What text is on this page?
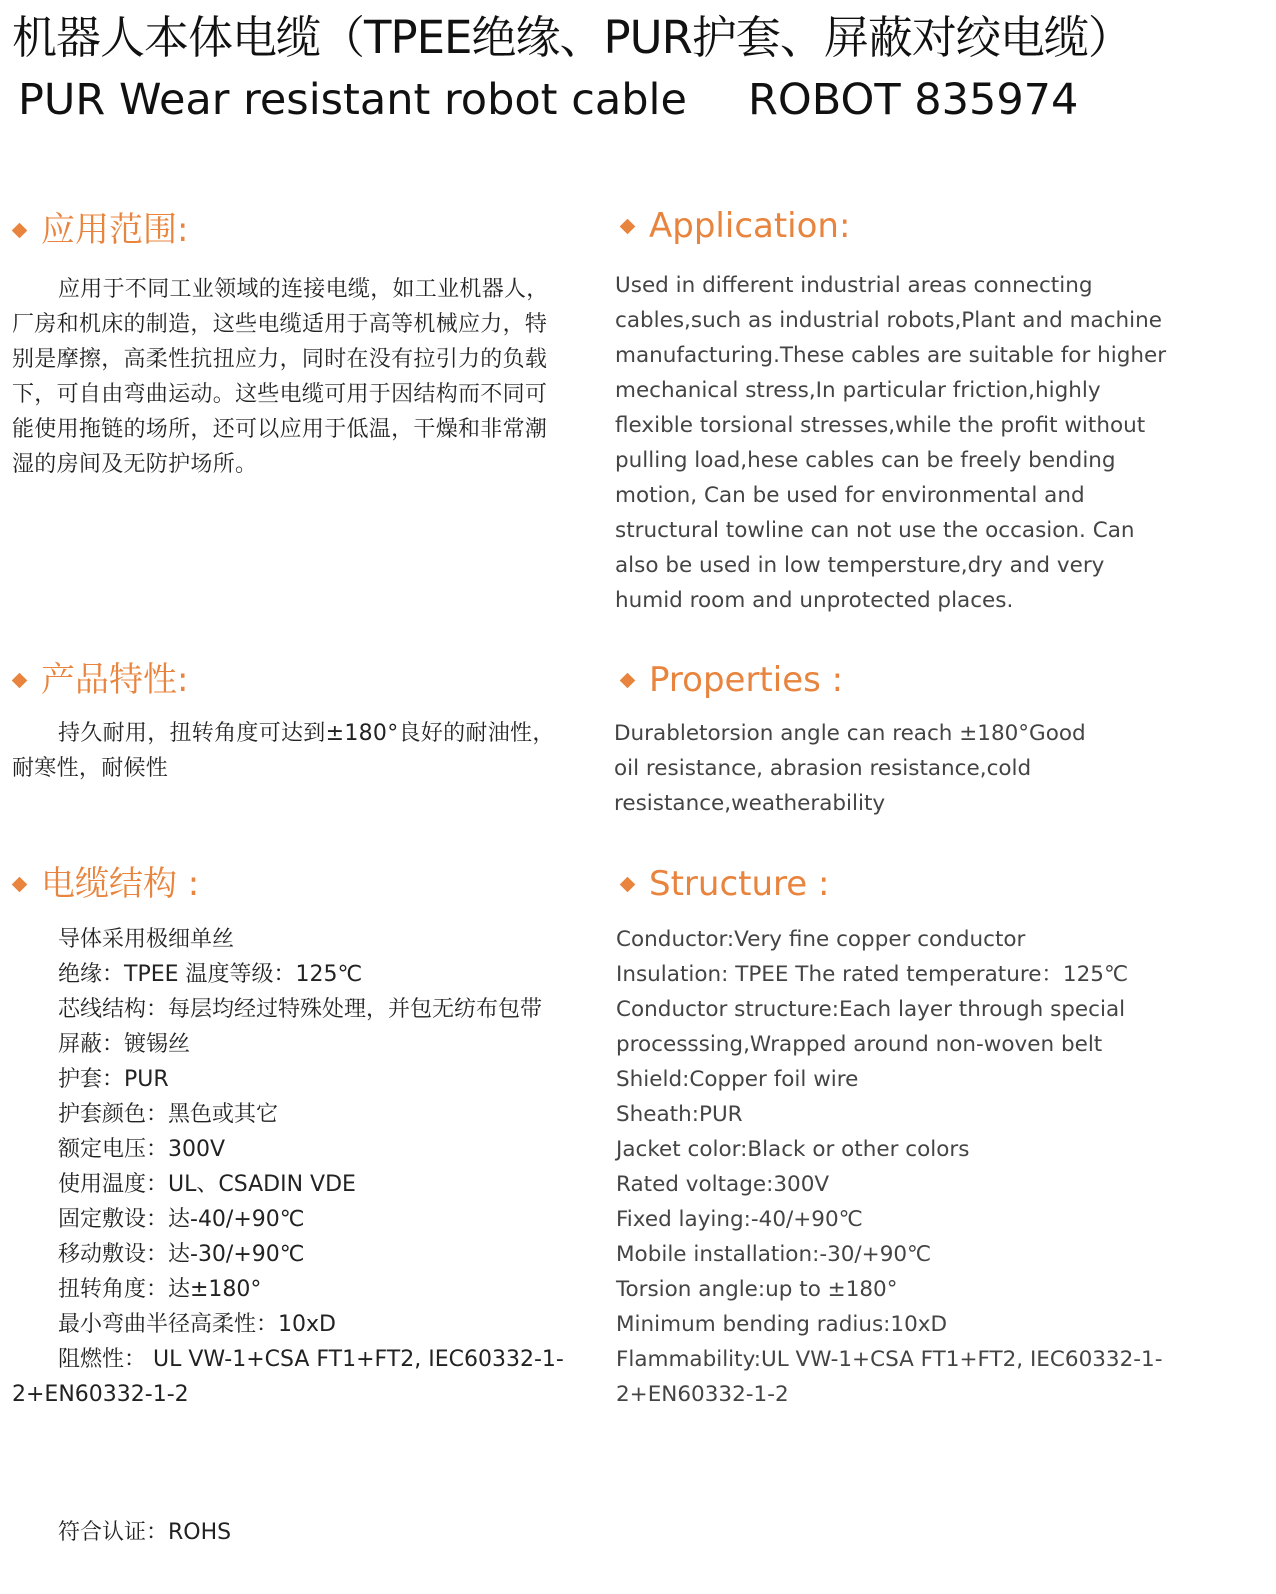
机器人本体电缆（TPEE绝缘、PUR护套、屏蔽对绞电缆）
PUR Wear resistant robot cable ROBOT 835974
应用范围:

应用于不同工业领域的连接电缆，如工业机器人，厂房和机床的制造，这些电缆适用于高等机械应力，特别是摩擦，高柔性抗扭应力，同时在没有拉引力的负载下，可自由弯曲运动。这些电缆可用于因结构而不同可能使用拖链的场所，还可以应用于低温，干燥和非常潮湿的房间及无防护场所。

Application:

Used in different industrial areas connecting cables,such as industrial robots,Plant and machine manufacturing.These cables are suitable for higher mechanical stress,In particular friction,highly flexible torsional stresses,while the profit without pulling load,hese cables can be freely bending motion, Can be used for environmental and structural towline can not use the occasion. Can also be used in low tempersture,dry and very humid room and unprotected places.

产品特性:

持久耐用，扭转角度可达到±180°良好的耐油性，耐寒性，耐候性

Properties :

Durabletorsion angle can reach ±180°Good oil resistance, abrasion resistance,cold resistance,weatherability

电缆结构 :
导体采用极细单丝
绝缘：TPEE 温度等级：125℃
芯线结构：每层均经过特殊处理，并包无纺布包带
屏蔽：镀锡丝
护套：PUR
护套颜色：黑色或其它
额定电压：300V
使用温度：UL、CSADIN VDE
固定敷设：达-40/+90℃
移动敷设：达-30/+90℃
扭转角度：达±180°
最小弯曲半径高柔性：10xD
阻燃性： UL VW-1+CSA FT1+FT2, IEC60332-1-2+EN60332-1-2
Structure :
Conductor:Very fine copper conductor
Insulation: TPEE The rated temperature：125℃
Conductor structure:Each layer through special processsing,Wrapped around non-woven belt
Shield:Copper foil wire
Sheath:PUR
Jacket color:Black or other colors
Rated voltage:300V
Fixed laying:-40/+90℃
Mobile installation:-30/+90℃
Torsion angle:up to ±180°
Minimum bending radius:10xD
Flammability:UL VW-1+CSA FT1+FT2, IEC60332-1-2+EN60332-1-2
符合认证：ROHS
